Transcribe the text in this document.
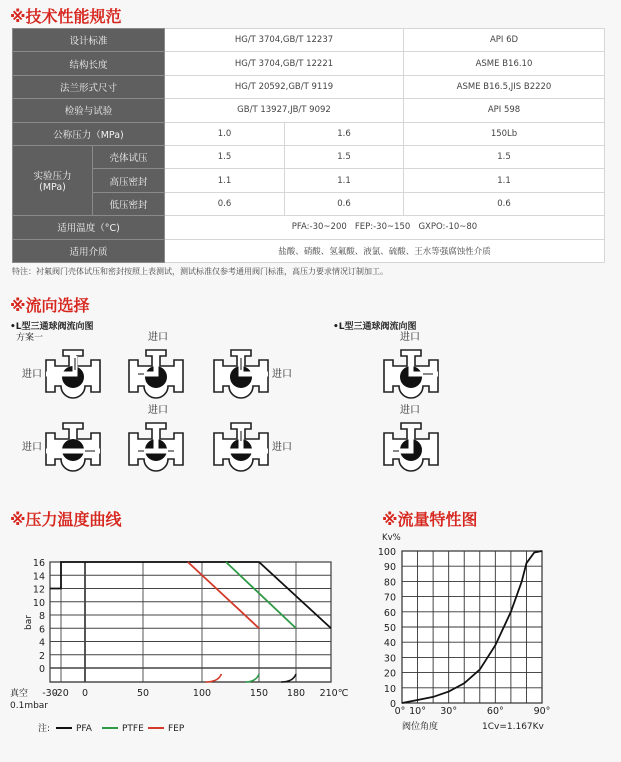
※技术性能规范
设计标准		HG/T 3704,GB/T 12237		API 6D
结构长度		HG/T 3704,GB/T 12221		ASME B16.10
法兰形式尺寸		HG/T 20592,GB/T 9119		ASME B16.5,JIS B2220
检验与试验		GB/T 13927,JB/T 9092		API 598
公称压力（MPa)		1.0	1.6	150Lb
实验压力
(MPa)	壳体试压	1.5	1.5	1.5
	高压密封	1.1	1.1	1.1
	低压密封	0.6	0.6	0.6
适用温度（°C)		PFA:-30~200   FEP:-30~150   GXPO:-10~80		
适用介质		盐酸、硝酸、氢氟酸、液氯、硫酸、王水等强腐蚀性介质		
特注：衬氟阀门壳体试压和密封按照上表测试，测试标准仅参考通用阀门标准，高压力要求情况订制加工。
※流向选择
•L型三通球阀流向图
方案一
•L型三通球阀流向图
进口
进口
进口
进口
进口
进口
进口
进口
※压力温度曲线	※流量特性图
16
14
12
10
8
6
4
2
0
-30
-20 0	50	100	150 180 210℃
真空
0.1mbar
bar
注:	PFA	PTFE	FEP
100
90
80
70
60
50
40
30
20
10
0
0° 10° 30°	60°	90°
Kv%
阀位角度	1Cv=1.167Kv
